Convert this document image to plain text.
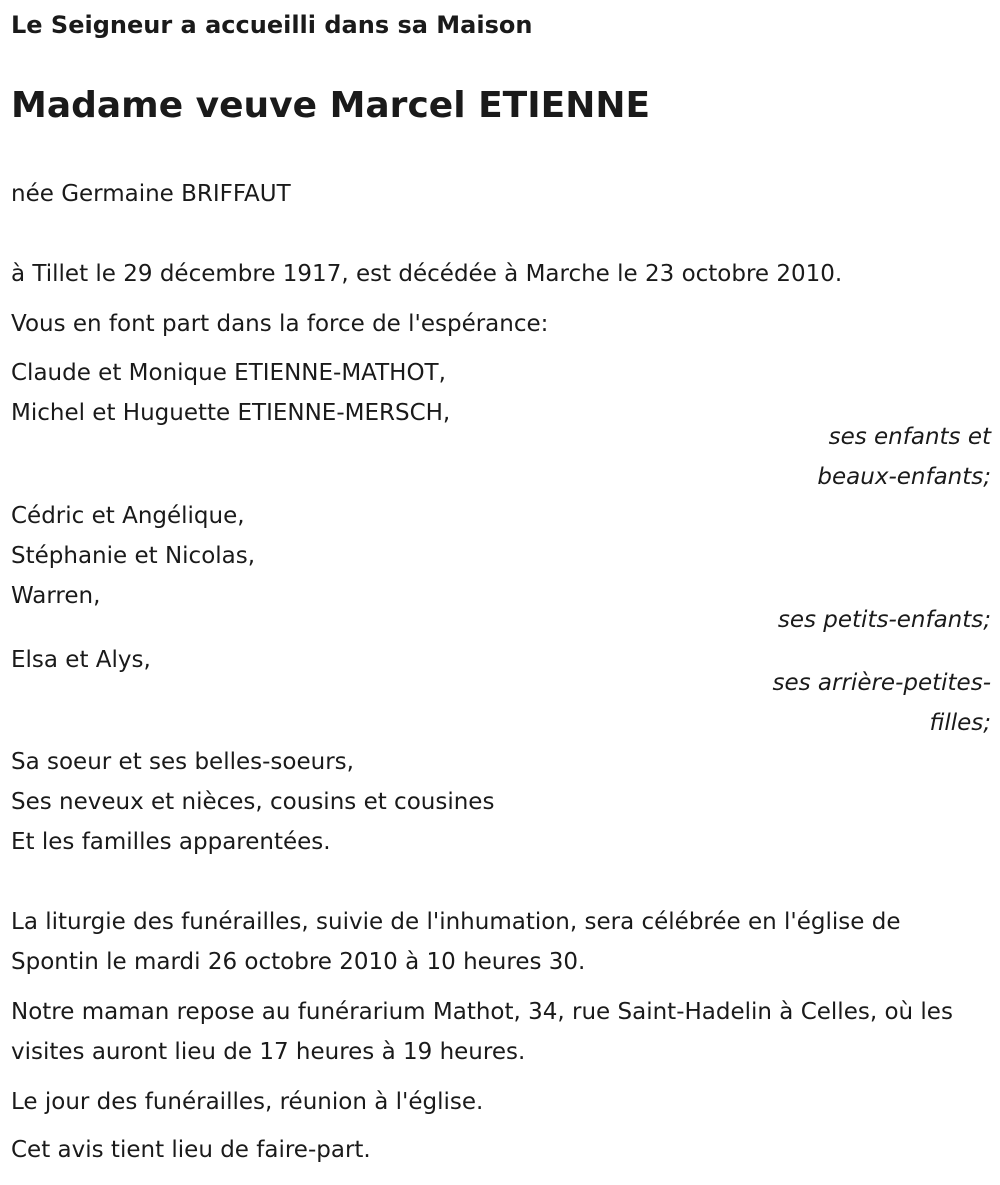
Le Seigneur a accueilli dans sa Maison

Madame veuve Marcel ETIENNE

née Germaine BRIFFAUT

à Tillet le 29 décembre 1917, est décédée à Marche le 23 octobre 2010.

Vous en font part dans la force de l'espérance:

Claude et Monique ETIENNE-MATHOT,

Michel et Huguette ETIENNE-MERSCH,

ses enfants et

beaux-enfants;

Cédric et Angélique,

Stéphanie et Nicolas,

Warren,

ses petits-enfants;

Elsa et Alys,

ses arrière-petites-

filles;

Sa soeur et ses belles-soeurs,

Ses neveux et nièces, cousins et cousines

Et les familles apparentées.

La liturgie des funérailles, suivie de l'inhumation, sera célébrée en l'église de Spontin le mardi 26 octobre 2010 à 10 heures 30.

Notre maman repose au funérarium Mathot, 34, rue Saint-Hadelin à Celles, où les visites auront lieu de 17 heures à 19 heures.

Le jour des funérailles, réunion à l'église.

Cet avis tient lieu de faire-part.
